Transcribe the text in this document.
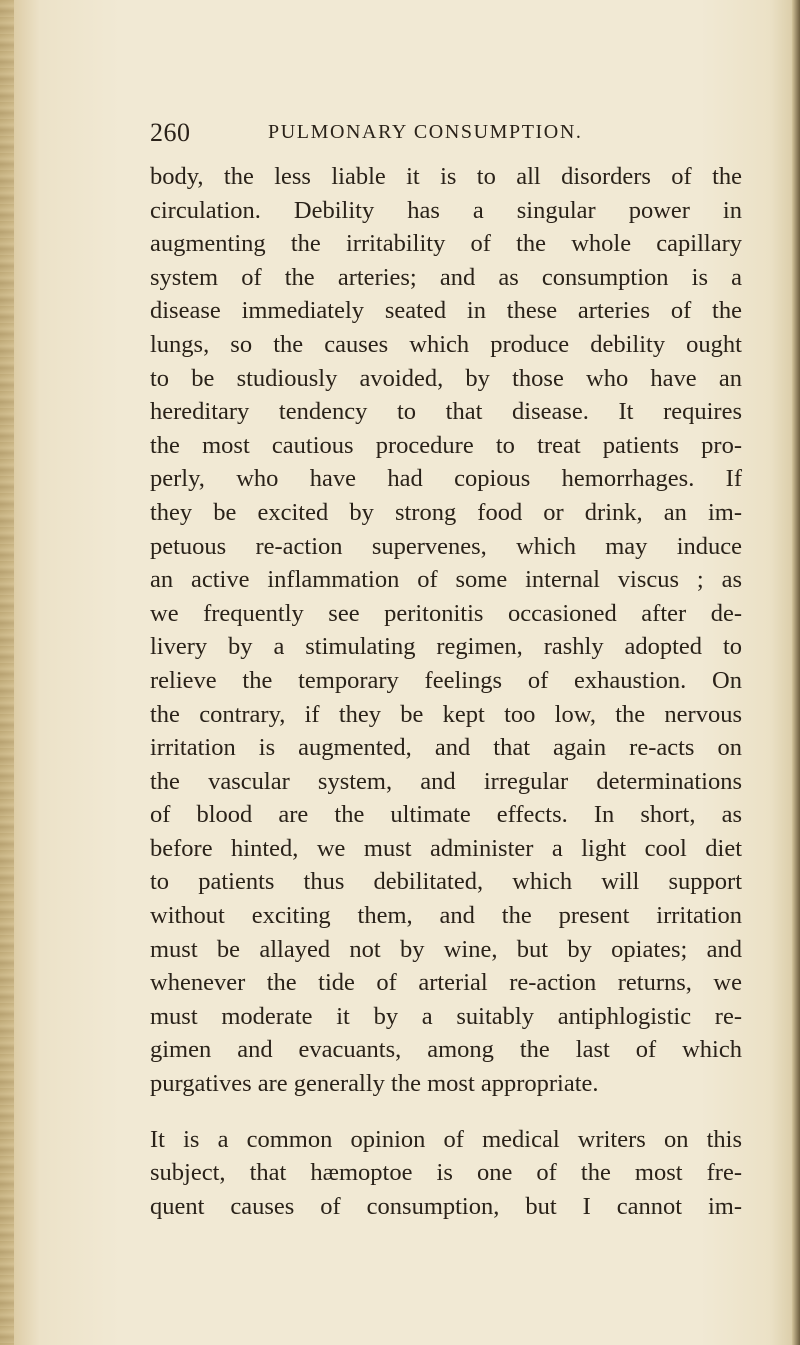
260	PULMONARY CONSUMPTION.
body, the less liable it is to all disorders of the
circulation. Debility has a singular power in
augmenting the irritability of the whole capillary
system of the arteries; and as consumption is a
disease immediately seated in these arteries of the
lungs, so the causes which produce debility ought
to be studiously avoided, by those who have an
hereditary tendency to that disease. It requires
the most cautious procedure to treat patients pro-
perly, who have had copious hemorrhages. If
they be excited by strong food or drink, an im-
petuous re-action supervenes, which may induce
an active inflammation of some internal viscus ; as
we frequently see peritonitis occasioned after de-
livery by a stimulating regimen, rashly adopted to
relieve the temporary feelings of exhaustion. On
the contrary, if they be kept too low, the nervous
irritation is augmented, and that again re-acts on
the vascular system, and irregular determinations
of blood are the ultimate effects. In short, as
before hinted, we must administer a light cool diet
to patients thus debilitated, which will support
without exciting them, and the present irritation
must be allayed not by wine, but by opiates; and
whenever the tide of arterial re-action returns, we
must moderate it by a suitably antiphlogistic re-
gimen and evacuants, among the last of which
purgatives are generally the most appropriate.
It is a common opinion of medical writers on this
subject, that hæmoptoe is one of the most fre-
quent causes of consumption, but I cannot im-
